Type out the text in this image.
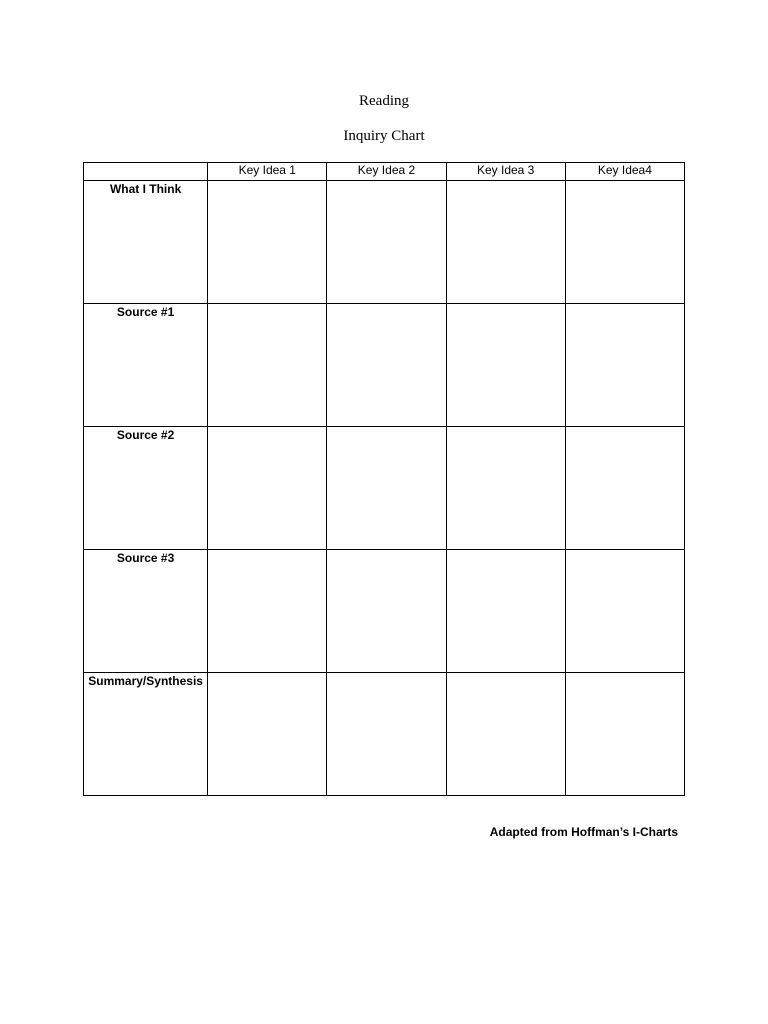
Reading
Inquiry Chart
	Key Idea 1	Key Idea 2	Key Idea 3	Key Idea4
What I Think				
Source #1				
Source #2				
Source #3				
Summary/Synthesis				
Adapted from Hoffman’s I-Charts
